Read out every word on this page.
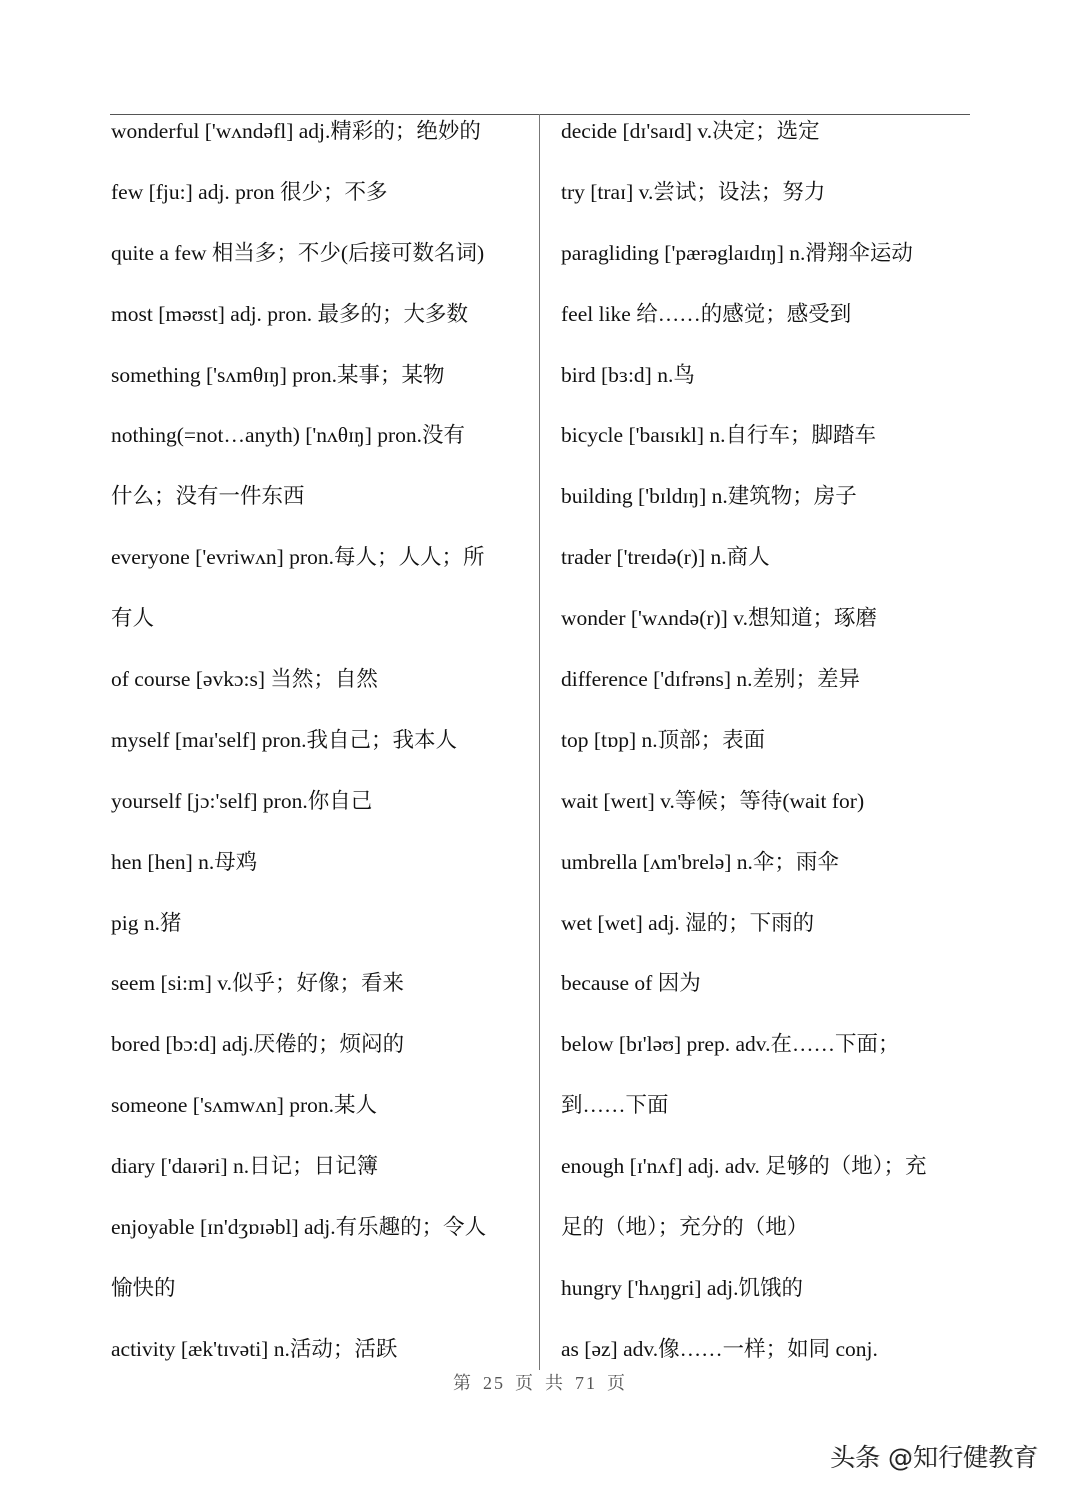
wonderful ['wʌndəfl] adj.精彩的；绝妙的
few [fju:] adj. pron 很少；不多
quite a few 相当多；不少(后接可数名词)
most [məʊst] adj. pron. 最多的；大多数
something ['sʌmθɪŋ] pron.某事；某物
nothing(=not…anyth) ['nʌθɪŋ] pron.没有
什么；没有一件东西
everyone ['evriwʌn] pron.每人；人人；所
有人
of course [əvkɔ:s] 当然；自然
myself [maɪ'self] pron.我自己；我本人
yourself [jɔ:'self] pron.你自己
hen [hen] n.母鸡
pig n.猪
seem [si:m] v.似乎；好像；看来
bored [bɔ:d] adj.厌倦的；烦闷的
someone ['sʌmwʌn] pron.某人
diary ['daɪəri] n.日记；日记簿
enjoyable [ɪn'dʒɒɪəbl] adj.有乐趣的；令人
愉快的
activity [æk'tɪvəti] n.活动；活跃
decide [dɪ'saɪd] v.决定；选定
try [traɪ] v.尝试；设法；努力
paragliding ['pærəglaɪdɪŋ] n.滑翔伞运动
feel like 给……的感觉；感受到
bird [bɜ:d] n.鸟
bicycle ['baɪsɪkl] n.自行车；脚踏车
building ['bɪldɪŋ] n.建筑物；房子
trader ['treɪdə(r)] n.商人
wonder ['wʌndə(r)] v.想知道；琢磨
difference ['dɪfrəns] n.差别；差异
top [tɒp] n.顶部；表面
wait [weɪt] v.等候；等待(wait for)
umbrella [ʌm'brelə] n.伞；雨伞
wet [wet] adj. 湿的；下雨的
because of 因为
below [bɪ'ləʊ] prep. adv.在……下面；
到……下面
enough [ɪ'nʌf] adj. adv. 足够的（地）；充
足的（地）；充分的（地）
hungry ['hʌŋgri] adj.饥饿的
as [əz] adv.像……一样；如同 conj.
第 25 页 共 71 页
头条 @知行健教育
